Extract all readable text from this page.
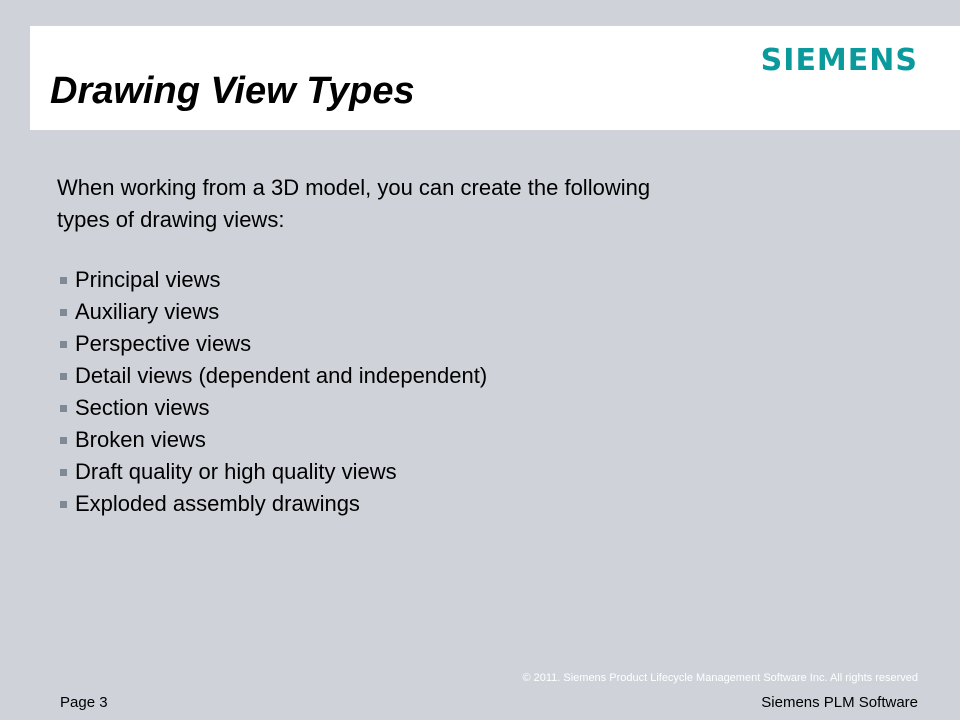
Drawing View Types
SIEMENS

When working from a 3D model, you can create the following types of drawing views:

Principal views
Auxiliary views
Perspective views
Detail views (dependent and independent)
Section views
Broken views
Draft quality or high quality views
Exploded assembly drawings
© 2011. Siemens Product Lifecycle Management Software Inc. All rights reserved
Page 3	Siemens PLM Software
